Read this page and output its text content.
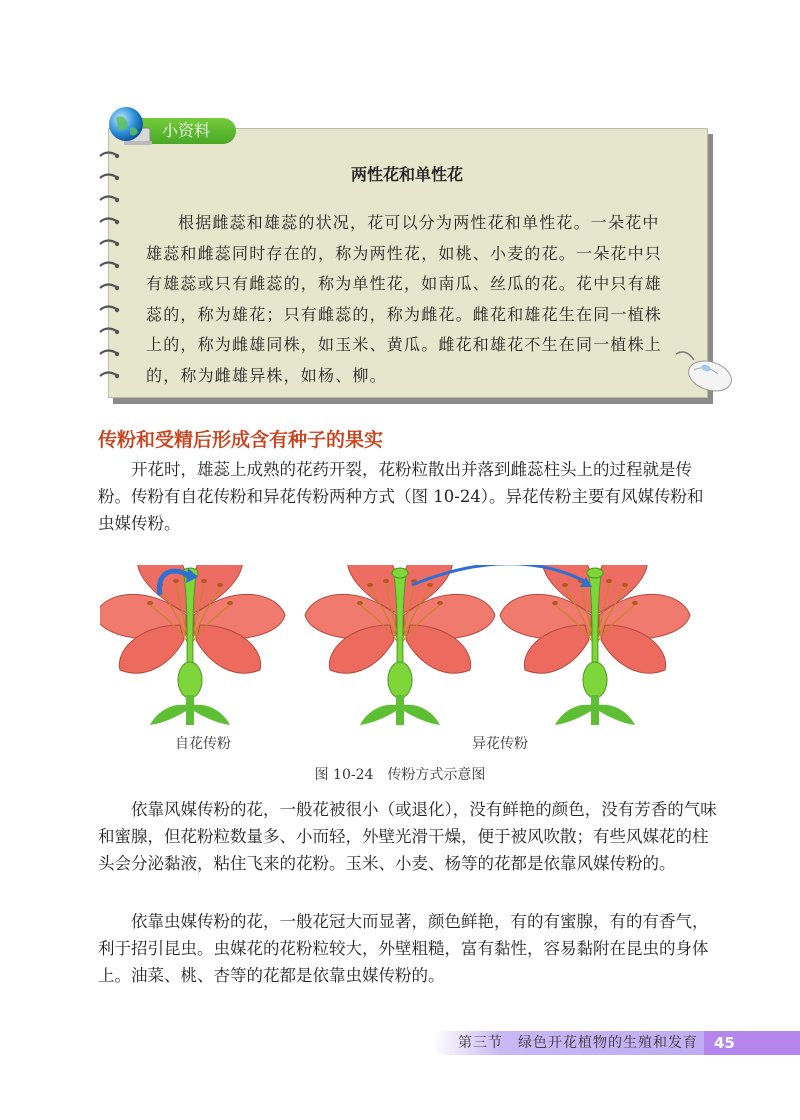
小资料
两性花和单性花

根据雌蕊和雄蕊的状况，花可以分为两性花和单性花。一朵花中雄蕊和雌蕊同时存在的，称为两性花，如桃、小麦的花。一朵花中只有雄蕊或只有雌蕊的，称为单性花，如南瓜、丝瓜的花。花中只有雄蕊的，称为雄花；只有雌蕊的，称为雌花。雌花和雄花生在同一植株上的，称为雌雄同株，如玉米、黄瓜。雌花和雄花不生在同一植株上的，称为雌雄异株，如杨、柳。

传粉和受精后形成含有种子的果实

开花时，雄蕊上成熟的花药开裂，花粉粒散出并落到雌蕊柱头上的过程就是传粉。传粉有自花传粉和异花传粉两种方式（图 10-24）。异花传粉主要有风媒传粉和虫媒传粉。

自花传粉	异花传粉
图 10-24　传粉方式示意图

依靠风媒传粉的花，一般花被很小（或退化），没有鲜艳的颜色，没有芳香的气味和蜜腺，但花粉粒数量多、小而轻，外壁光滑干燥，便于被风吹散；有些风媒花的柱头会分泌黏液，粘住飞来的花粉。玉米、小麦、杨等的花都是依靠风媒传粉的。

依靠虫媒传粉的花，一般花冠大而显著，颜色鲜艳，有的有蜜腺，有的有香气，利于招引昆虫。虫媒花的花粉粒较大，外壁粗糙，富有黏性，容易黏附在昆虫的身体上。油菜、桃、杏等的花都是依靠虫媒传粉的。

第三节　绿色开花植物的生殖和发育	45
